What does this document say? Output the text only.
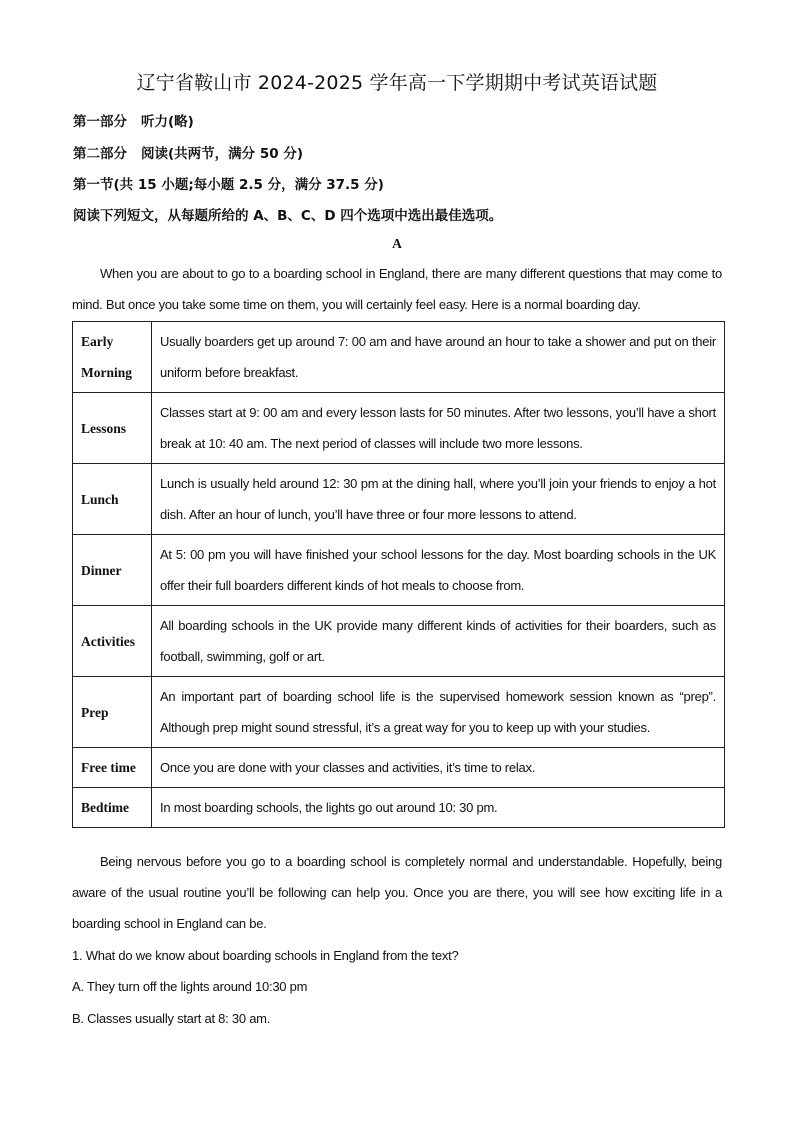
辽宁省鞍山市 2024-2025 学年高一下学期期中考试英语试题
第一部分 听力(略)
第二部分 阅读(共两节，满分 50 分)
第一节(共 15 小题;每小题 2.5 分，满分 37.5 分)
阅读下列短文，从每题所给的 A、B、C、D 四个选项中选出最佳选项。
A
When you are about to go to a boarding school in England, there are many different questions that may come to mind. But once you take some time on them, you will certainly feel easy. Here is a normal boarding day.
Early Morning	Usually boarders get up around 7: 00 am and have around an hour to take a shower and put on their uniform before breakfast.
Lessons	Classes start at 9: 00 am and every lesson lasts for 50 minutes. After two lessons, you’ll have a short break at 10: 40 am. The next period of classes will include two more lessons.
Lunch	Lunch is usually held around 12: 30 pm at the dining hall, where you’ll join your friends to enjoy a hot dish. After an hour of lunch, you’ll have three or four more lessons to attend.
Dinner	At 5: 00 pm you will have finished your school lessons for the day. Most boarding schools in the UK offer their full boarders different kinds of hot meals to choose from.
Activities	All boarding schools in the UK provide many different kinds of activities for their boarders, such as football, swimming, golf or art.
Prep	An important part of boarding school life is the supervised homework session known as “prep”. Although prep might sound stressful, it’s a great way for you to keep up with your studies.
Free time	Once you are done with your classes and activities, it’s time to relax.
Bedtime	In most boarding schools, the lights go out around 10: 30 pm.
Being nervous before you go to a boarding school is completely normal and understandable. Hopefully, being aware of the usual routine you’ll be following can help you. Once you are there, you will see how exciting life in a boarding school in England can be.
1. What do we know about boarding schools in England from the text?
A. They turn off the lights around 10:30 pm
B. Classes usually start at 8: 30 am.
